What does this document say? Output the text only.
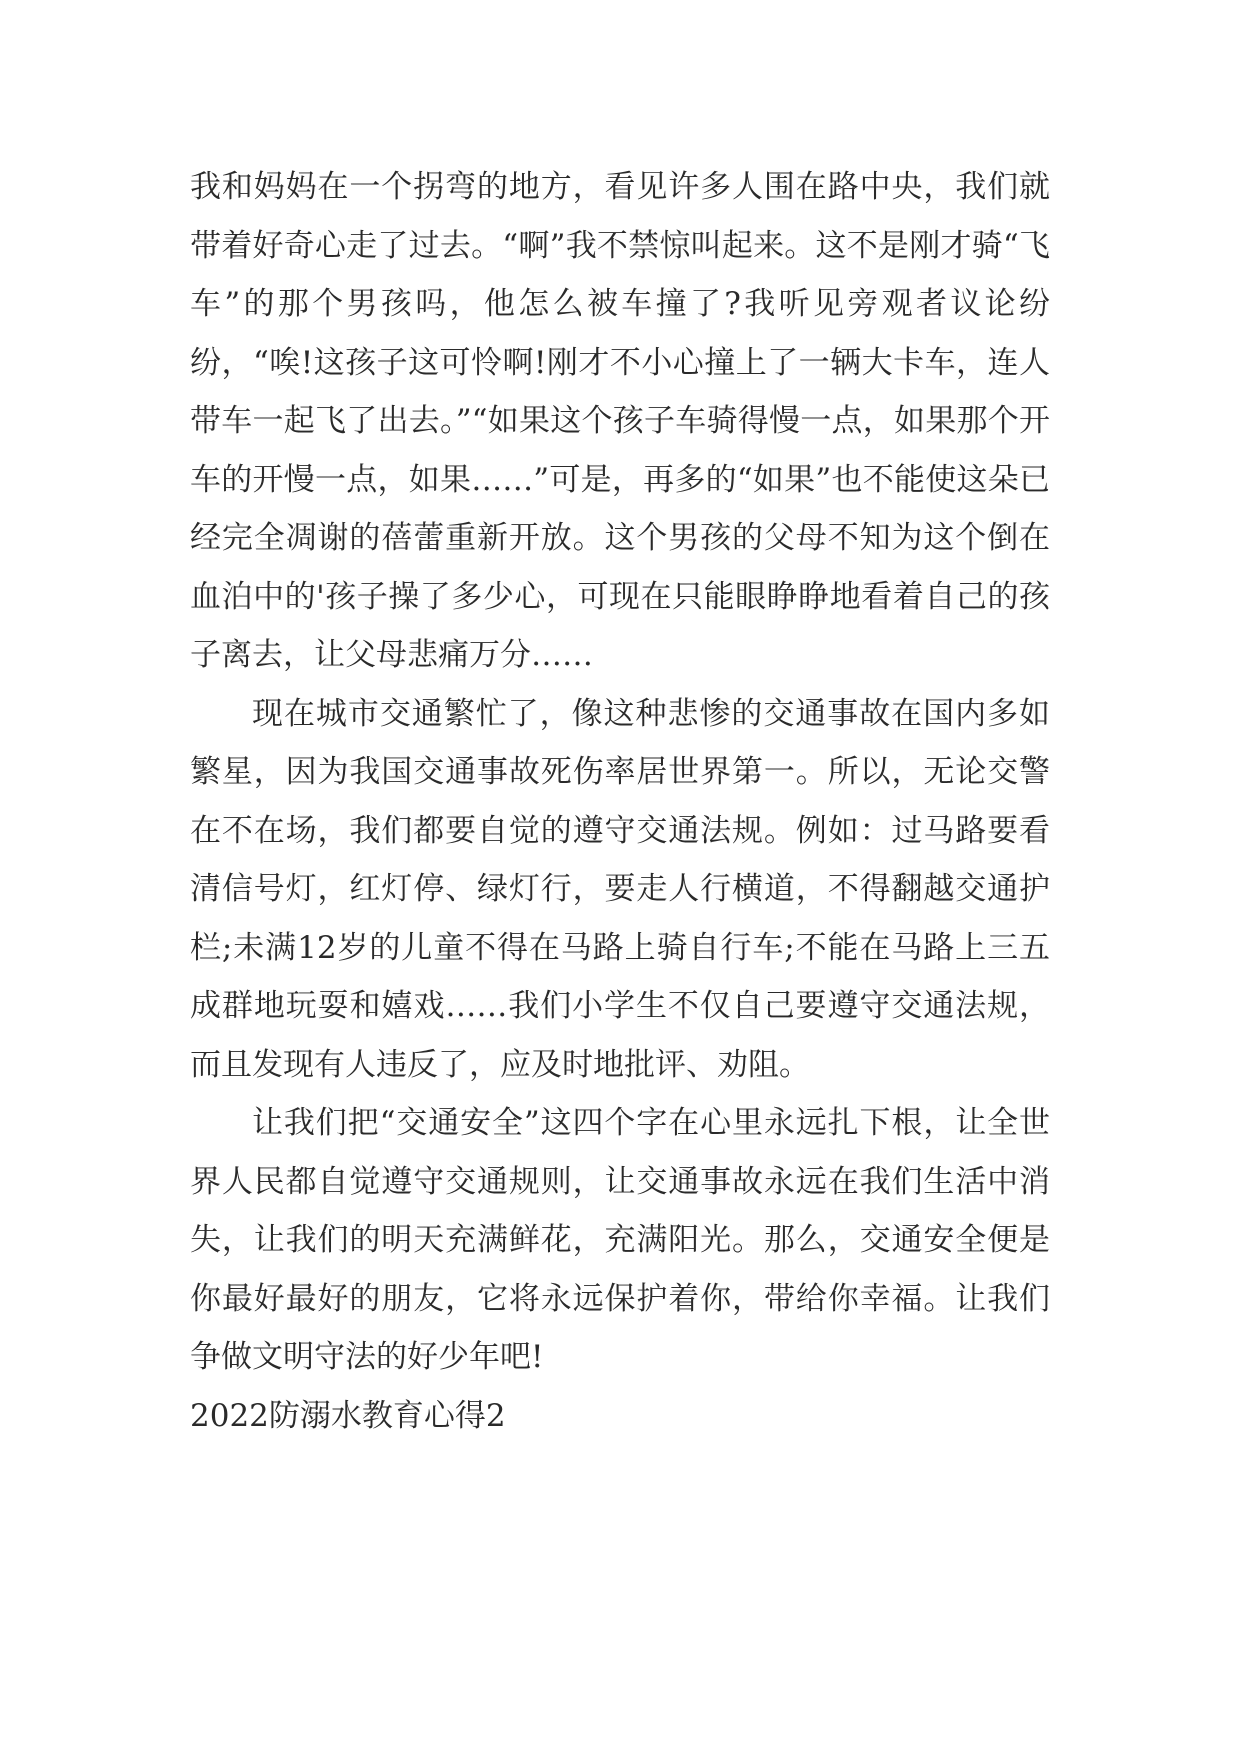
我和妈妈在一个拐弯的地方，看见许多人围在路中央，我们就带着好奇心走了过去。“啊”我不禁惊叫起来。这不是刚才骑“飞车”的那个男孩吗，他怎么被车撞了?我听见旁观者议论纷纷，“唉!这孩子这可怜啊!刚才不小心撞上了一辆大卡车，连人带车一起飞了出去。”“如果这个孩子车骑得慢一点，如果那个开车的开慢一点，如果……”可是，再多的“如果”也不能使这朵已经完全凋谢的蓓蕾重新开放。这个男孩的父母不知为这个倒在血泊中的'孩子操了多少心，可现在只能眼睁睁地看着自己的孩子离去，让父母悲痛万分……

现在城市交通繁忙了，像这种悲惨的交通事故在国内多如繁星，因为我国交通事故死伤率居世界第一。所以，无论交警在不在场，我们都要自觉的遵守交通法规。例如：过马路要看清信号灯，红灯停、绿灯行，要走人行横道，不得翻越交通护栏;未满12岁的儿童不得在马路上骑自行车;不能在马路上三五成群地玩耍和嬉戏……我们小学生不仅自己要遵守交通法规，而且发现有人违反了，应及时地批评、劝阻。

让我们把“交通安全”这四个字在心里永远扎下根，让全世界人民都自觉遵守交通规则，让交通事故永远在我们生活中消失，让我们的明天充满鲜花，充满阳光。那么，交通安全便是你最好最好的朋友，它将永远保护着你，带给你幸福。让我们争做文明守法的好少年吧!

2022防溺水教育心得2
